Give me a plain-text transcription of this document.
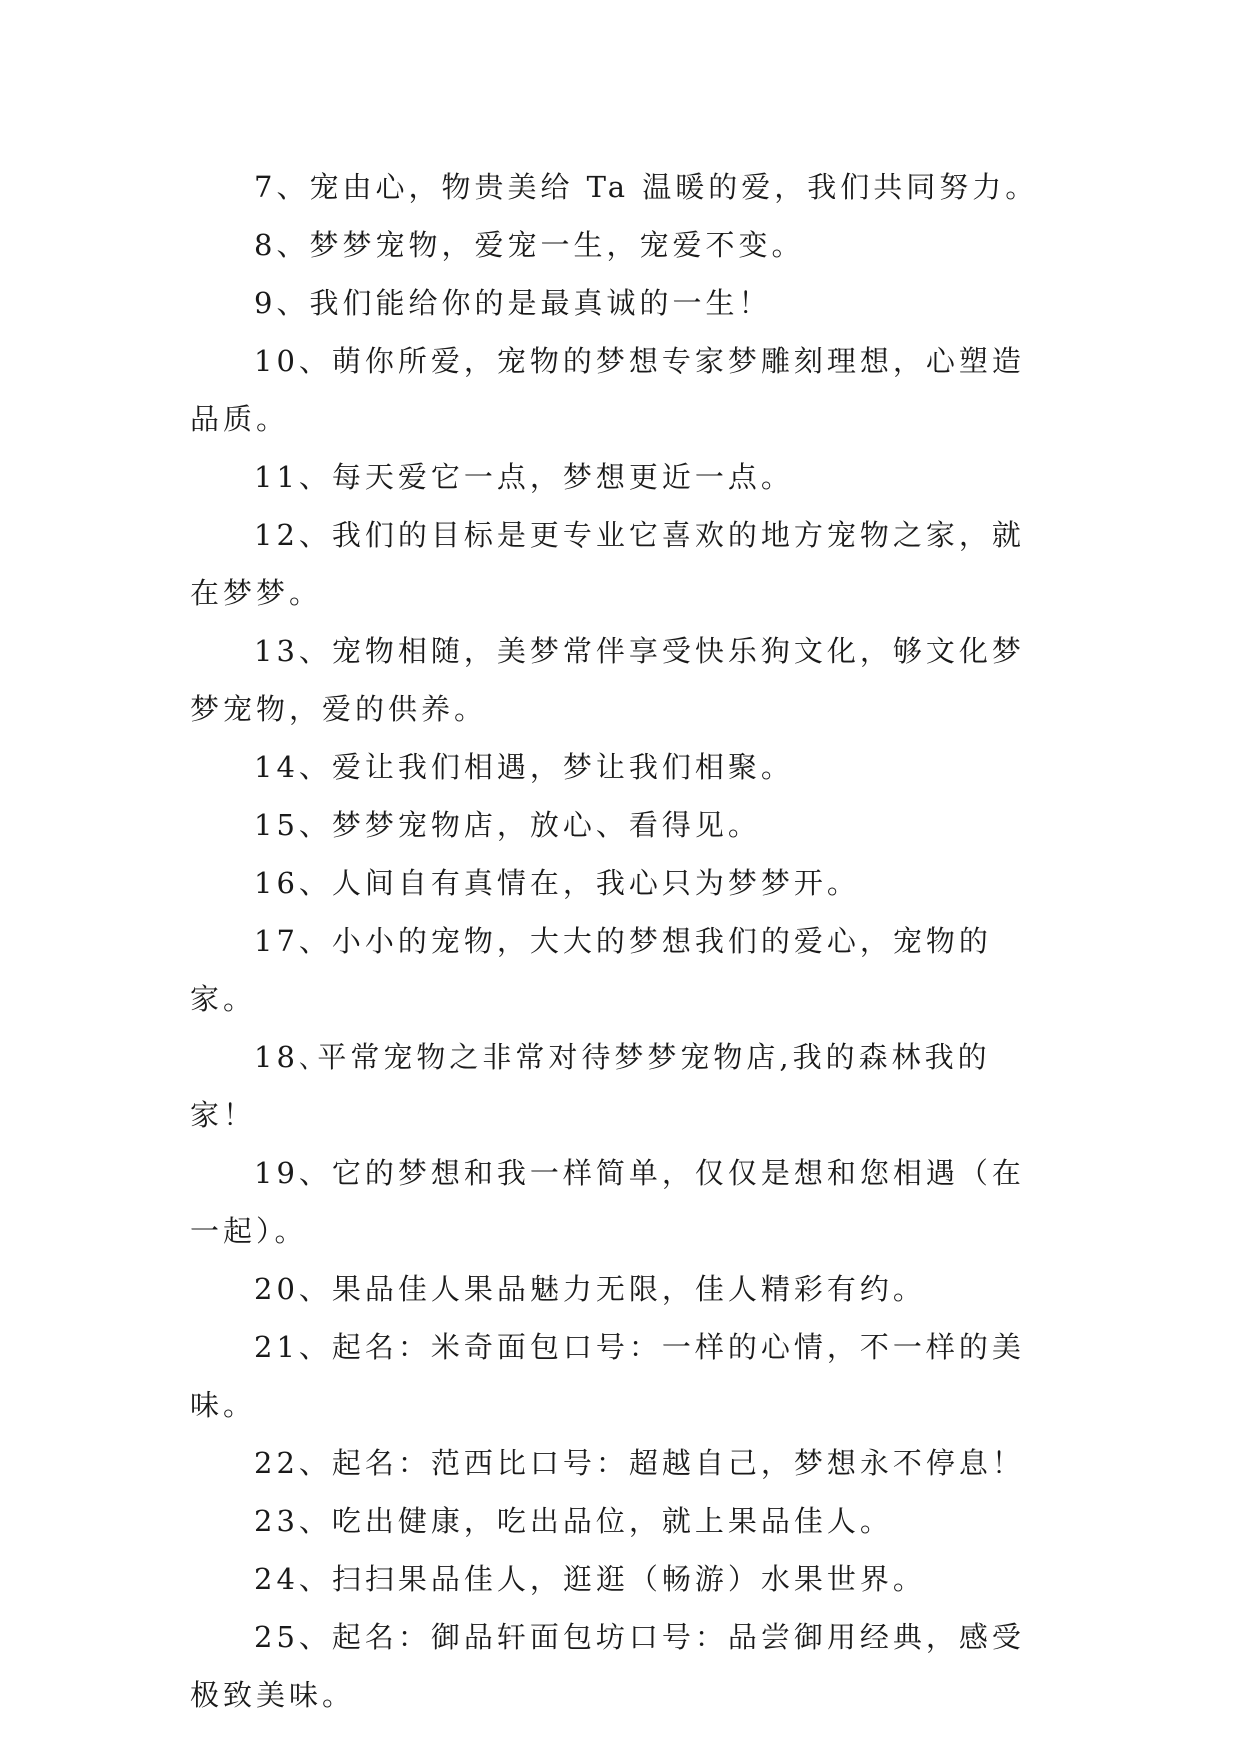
7、宠由心，物贵美给 Ta 温暖的爱，我们共同努力。

8、梦梦宠物，爱宠一生，宠爱不变。

9、我们能给你的是最真诚的一生！

10、萌你所爱，宠物的梦想专家梦雕刻理想，心塑造品质。

11、每天爱它一点，梦想更近一点。

12、我们的目标是更专业它喜欢的地方宠物之家，就在梦梦。

13、宠物相随，美梦常伴享受快乐狗文化，够文化梦梦宠物，爱的供养。

14、爱让我们相遇，梦让我们相聚。

15、梦梦宠物店，放心、看得见。

16、人间自有真情在，我心只为梦梦开。

17、小小的宠物，大大的梦想我们的爱心，宠物的家。

18､平常宠物之非常对待梦梦宠物店,我的森林我的家！

19、它的梦想和我一样简单，仅仅是想和您相遇（在一起）。

20、果品佳人果品魅力无限，佳人精彩有约。

21、起名：米奇面包口号：一样的心情，不一样的美味。

22、起名：范西比口号：超越自己，梦想永不停息！

23、吃出健康，吃出品位，就上果品佳人。

24、扫扫果品佳人，逛逛（畅游）水果世界。

25、起名：御品轩面包坊口号：品尝御用经典，感受极致美味。
